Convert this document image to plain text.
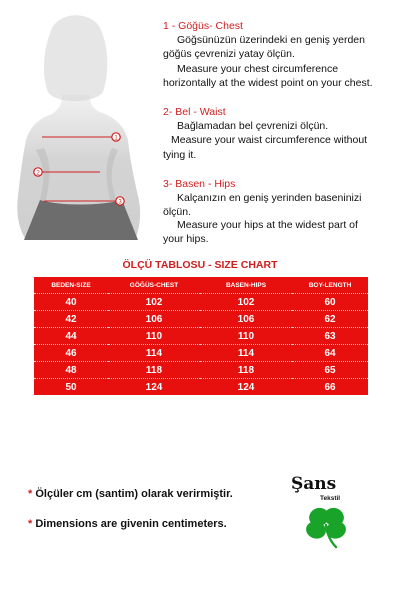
1
2
3
1 - Göğüs- Chest
Göğsünüzün üzerindeki en geniş yerden
göğüs çevrenizi yatay ölçün.
Measure your chest circumference
horizontally at the widest point on your chest.
2- Bel - Waist
Bağlamadan bel çevrenizi ölçün.
Measure your waist circumference without
tying it.
3- Basen - Hips
Kalçanızın en geniş yerinden baseninizi
ölçün.
Measure your hips at the widest part of
your hips.
ÖLÇÜ TABLOSU - SIZE CHART
BEDEN-SIZE	GÖĞÜS-CHEST	BASEN-HIPS	BOY-LENGTH
40	102	102	60
42	106	106	62
44	110	110	63
46	114	114	64
48	118	118	65
50	124	124	66
* Ölçüler cm (santim) olarak verirmiştir.
* Dimensions are givenin centimeters.
Şans
Tekstil
